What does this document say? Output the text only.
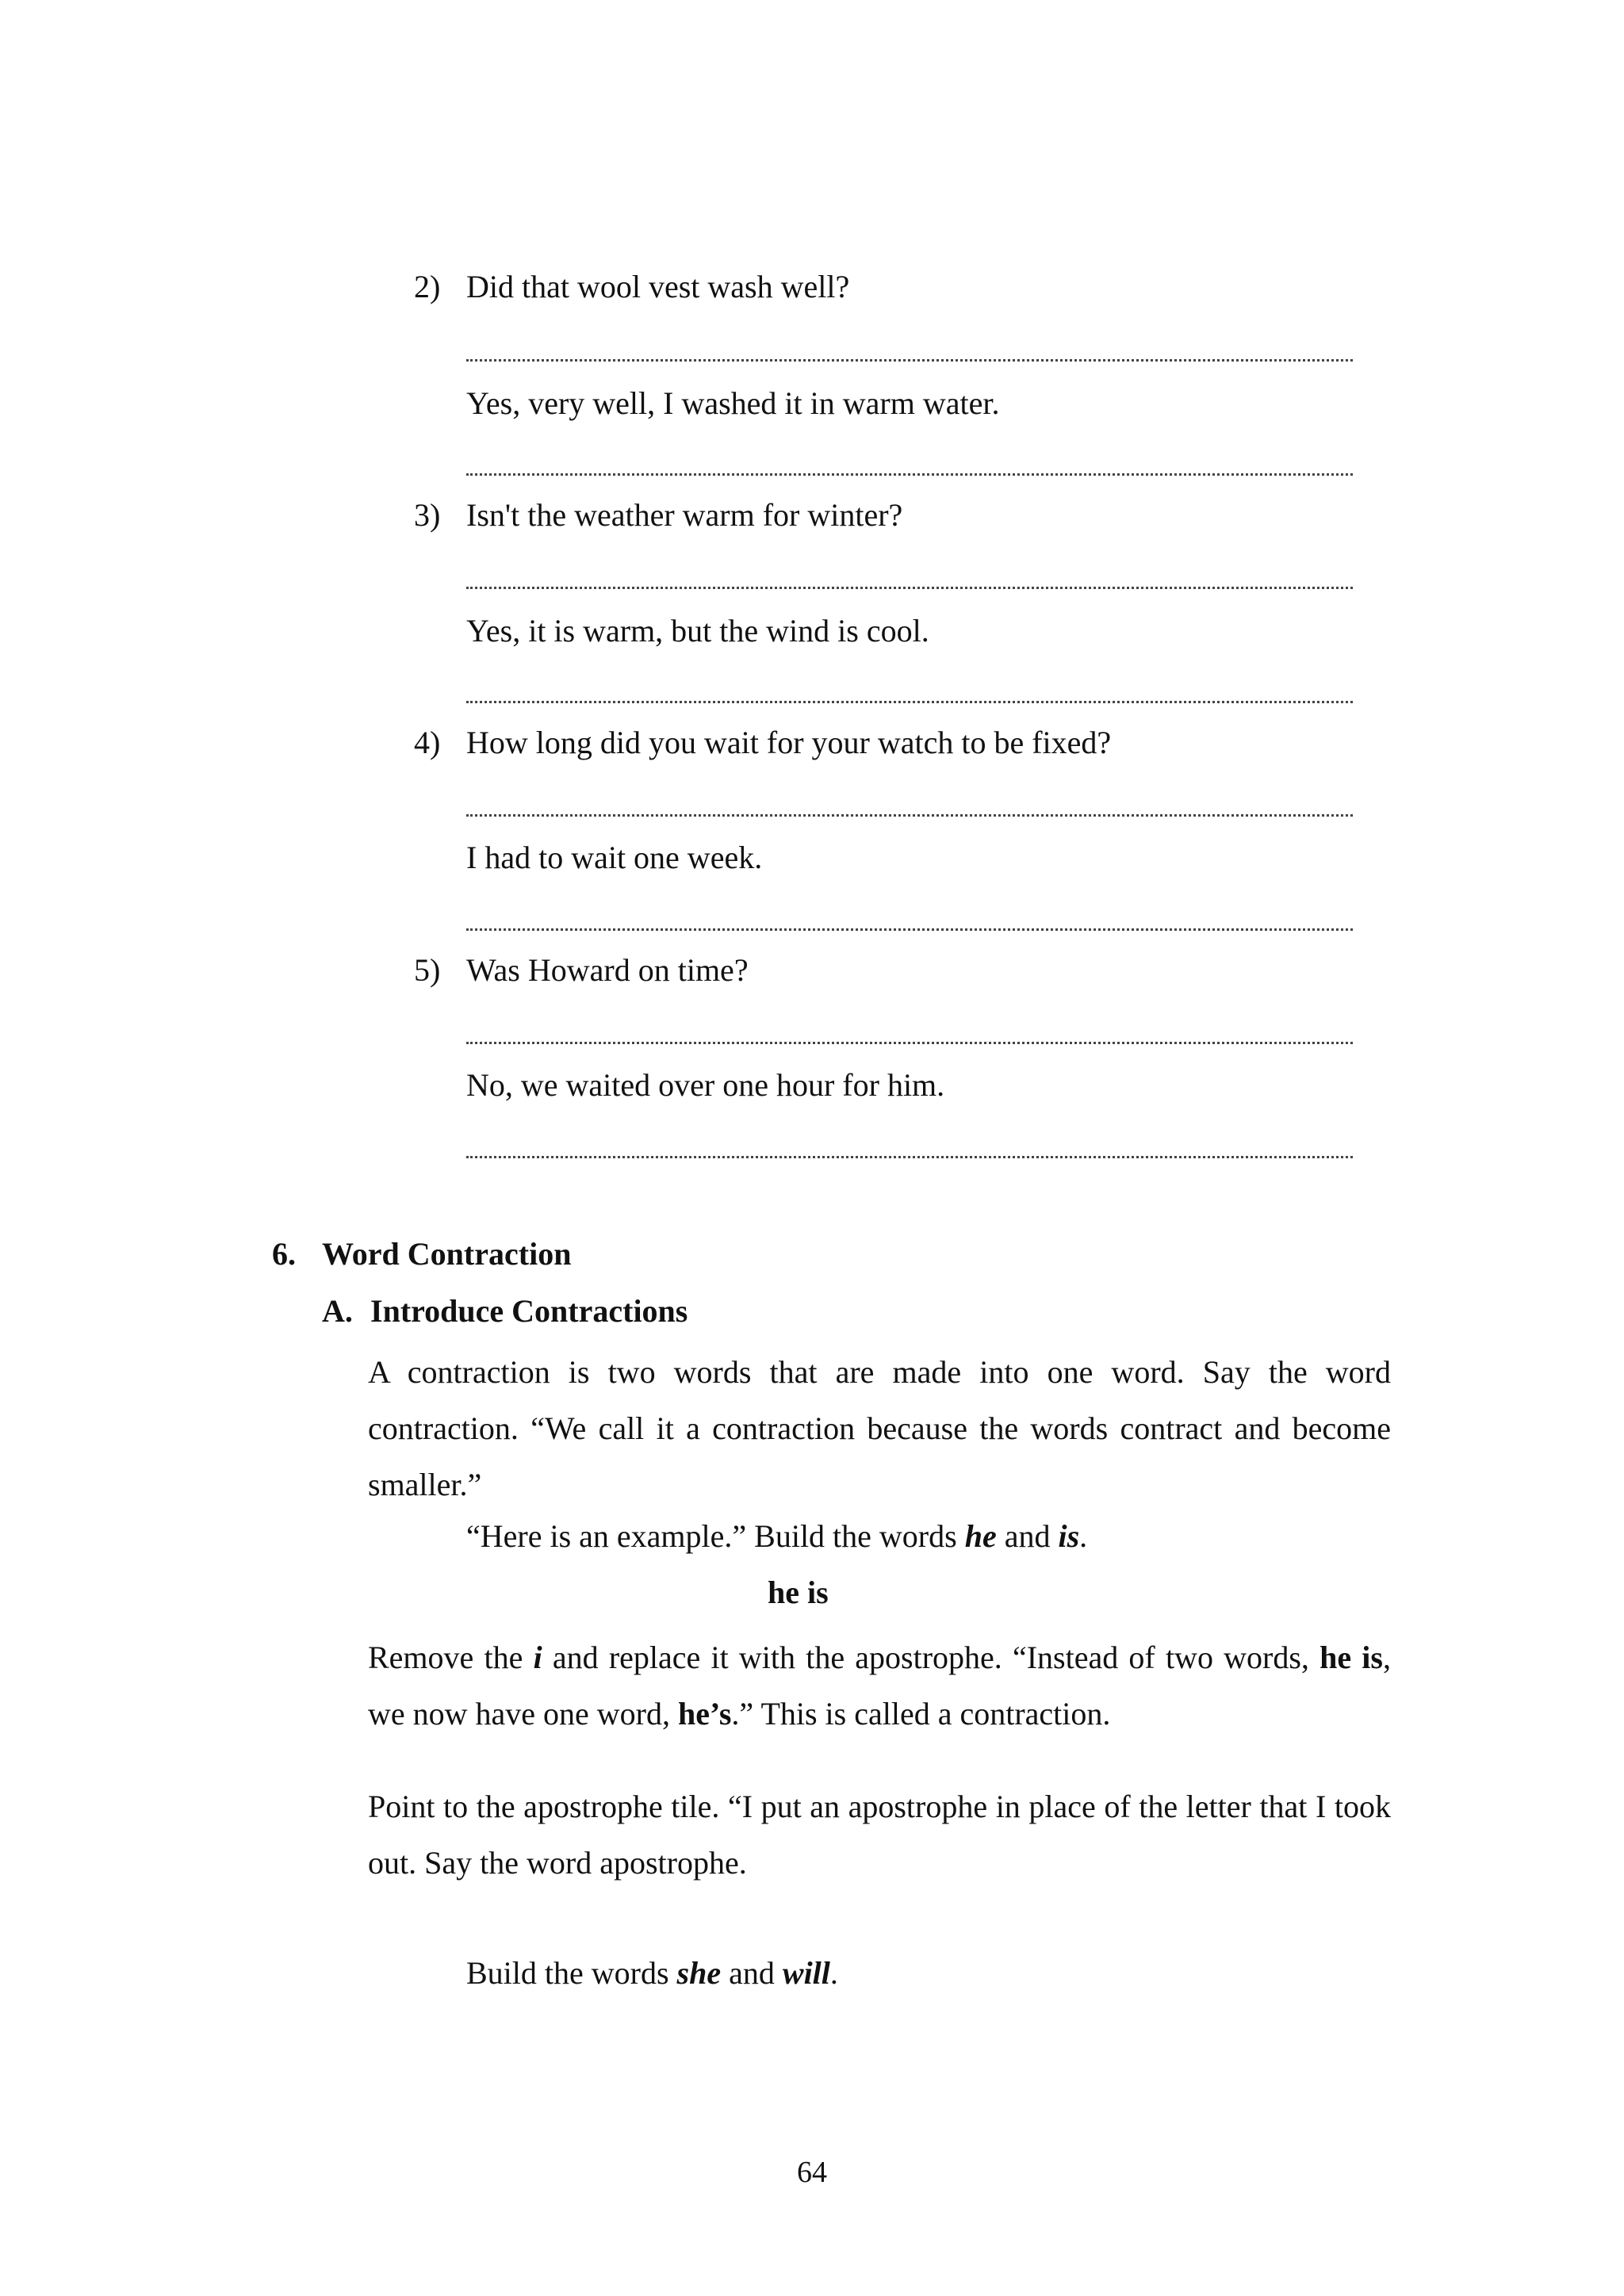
2) Did that wool vest wash well?
Yes, very well, I washed it in warm water.
3) Isn't the weather warm for winter?
Yes, it is warm, but the wind is cool.
4) How long did you wait for your watch to be fixed?
I had to wait one week.
5) Was Howard on time?
No, we waited over one hour for him.
6. Word Contraction
A. Introduce Contractions
A contraction is two words that are made into one word. Say the word contraction. “We call it a contraction because the words contract and become smaller.”
“Here is an example.” Build the words he and is.
he is
Remove the i and replace it with the apostrophe. “Instead of two words, he is, we now have one word, he’s.” This is called a contraction.
Point to the apostrophe tile. “I put an apostrophe in place of the letter that I took out. Say the word apostrophe.
Build the words she and will.
64
